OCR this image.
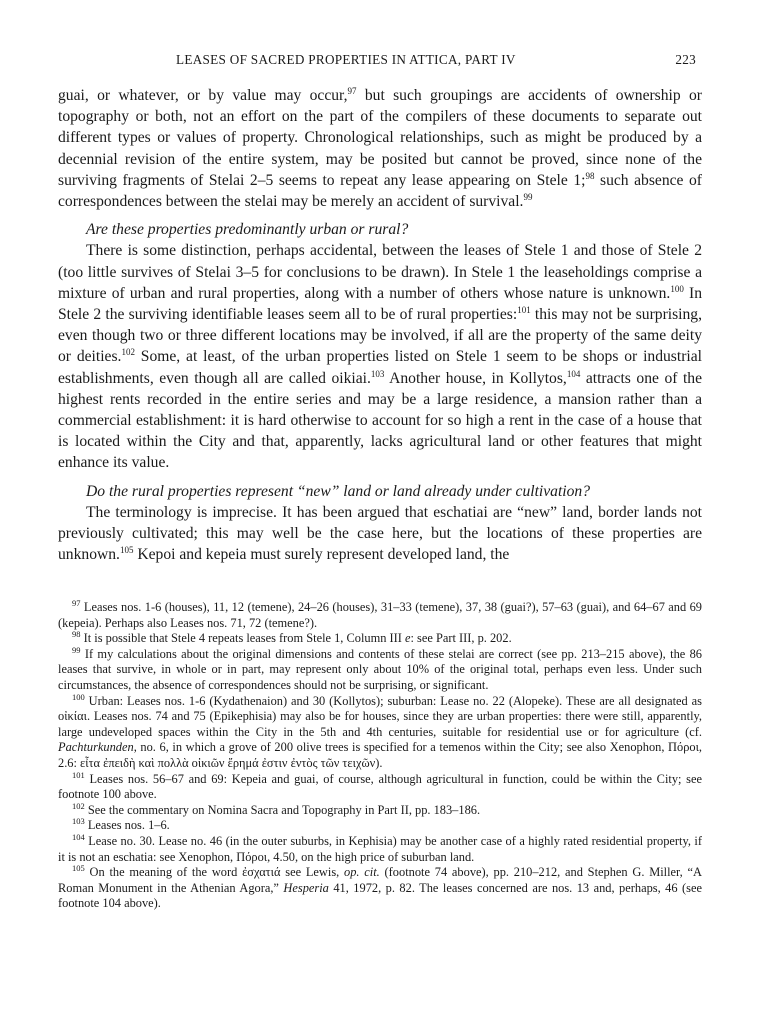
LEASES OF SACRED PROPERTIES IN ATTICA, PART IV	223

guai, or whatever, or by value may occur,$^{97}$ but such groupings are accidents of ownership or topography or both, not an effort on the part of the compilers of these documents to separate out different types or values of property. Chronological relationships, such as might be produced by a decennial revision of the entire system, may be posited but cannot be proved, since none of the surviving fragments of Stelai 2–5 seems to repeat any lease appearing on Stele 1;$^{98}$ such absence of correspondences between the stelai may be merely an accident of survival.$^{99}$

Are these properties predominantly urban or rural?

There is some distinction, perhaps accidental, between the leases of Stele 1 and those of Stele 2 (too little survives of Stelai 3–5 for conclusions to be drawn). In Stele 1 the leaseholdings comprise a mixture of urban and rural properties, along with a number of others whose nature is unknown.$^{100}$ In Stele 2 the surviving identifiable leases seem all to be of rural properties:$^{101}$ this may not be surprising, even though two or three different locations may be involved, if all are the property of the same deity or deities.$^{102}$ Some, at least, of the urban properties listed on Stele 1 seem to be shops or industrial establishments, even though all are called oikiai.$^{103}$ Another house, in Kollytos,$^{104}$ attracts one of the highest rents recorded in the entire series and may be a large residence, a mansion rather than a commercial establishment: it is hard otherwise to account for so high a rent in the case of a house that is located within the City and that, apparently, lacks agricultural land or other features that might enhance its value.

Do the rural properties represent “new” land or land already under cultivation?

The terminology is imprecise. It has been argued that eschatiai are “new” land, border lands not previously cultivated; this may well be the case here, but the locations of these properties are unknown.$^{105}$ Kepoi and kepeia must surely represent developed land, the

$^{97}$ Leases nos. 1-6 (houses), 11, 12 (temene), 24–26 (houses), 31–33 (temene), 37, 38 (guai?), 57–63 (guai), and 64–67 and 69 (kepeia). Perhaps also Leases nos. 71, 72 (temene?).

$^{98}$ It is possible that Stele 4 repeats leases from Stele 1, Column III e: see Part III, p. 202.

$^{99}$ If my calculations about the original dimensions and contents of these stelai are correct (see pp. 213–215 above), the 86 leases that survive, in whole or in part, may represent only about 10% of the original total, perhaps even less. Under such circumstances, the absence of correspondences should not be surprising, or significant.

$^{100}$ Urban: Leases nos. 1-6 (Kydathenaion) and 30 (Kollytos); suburban: Lease no. 22 (Alopeke). These are all designated as οἰκίαι. Leases nos. 74 and 75 (Epikephisia) may also be for houses, since they are urban properties: there were still, apparently, large undeveloped spaces within the City in the 5th and 4th centuries, suitable for residential use or for agriculture (cf. Pachturkunden, no. 6, in which a grove of 200 olive trees is specified for a temenos within the City; see also Xenophon, Πόροι, 2.6: εἶτα ἐπειδὴ καὶ πολλὰ οἰκιῶν ἔρημά ἐστιν ἐντὸς τῶν τειχῶν).

$^{101}$ Leases nos. 56–67 and 69: Kepeia and guai, of course, although agricultural in function, could be within the City; see footnote 100 above.

$^{102}$ See the commentary on Nomina Sacra and Topography in Part II, pp. 183–186.

$^{103}$ Leases nos. 1–6.

$^{104}$ Lease no. 30. Lease no. 46 (in the outer suburbs, in Kephisia) may be another case of a highly rated residential property, if it is not an eschatia: see Xenophon, Πόροι, 4.50, on the high price of suburban land.

$^{105}$ On the meaning of the word ἐσχατιά see Lewis, op. cit. (footnote 74 above), pp. 210–212, and Stephen G. Miller, “A Roman Monument in the Athenian Agora,” Hesperia 41, 1972, p. 82. The leases concerned are nos. 13 and, perhaps, 46 (see footnote 104 above).
